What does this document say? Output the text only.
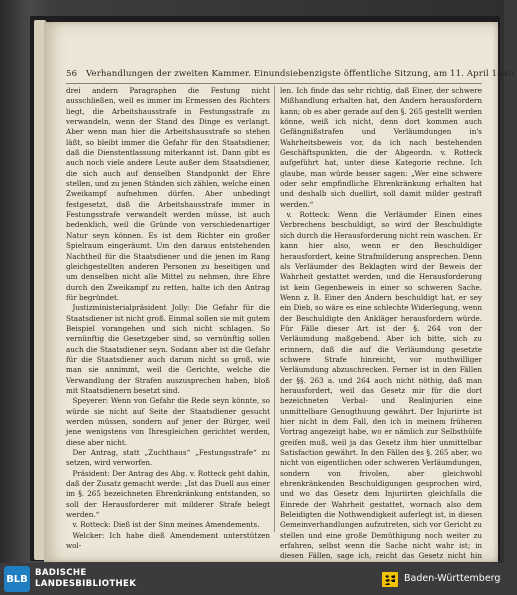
56 Verhandlungen der zweiten Kammer. Einundsiebenzigste öffentliche Sitzung, am 11. April 1840.

drei andern Paragraphen die Festung nicht ausschließen, weil es immer im Ermessen des Richters liegt, die Arbeitshausstrafe in Festungsstrafe zu verwandeln, wenn der Stand des Dinge es verlangt. Aber wenn man hier die Arbeitshausstrafe so stehen läßt, so bleibt immer die Gefahr für den Staatsdiener, daß die Dienstentlassung miterkannt ist. Dann gibt es auch noch viele andere Leute außer dem Staatsdiener, die sich auch auf denselben Standpunkt der Ehre stellen, und zu jenen Ständen sich zählen, welche einen Zweikampf aufnehmen dürfen. Aber unbedingt festgesetzt, daß die Arbeitshausstrafe immer in Festungsstrafe verwandelt werden müsse, ist auch bedenklich, weil die Gründe von verschiedenartiger Natur seyn können. Es ist dem Richter ein großer Spielraum eingeräumt. Um den daraus entstehenden Nachtheil für die Staatsdiener und die jenen im Rang gleichgestellten anderen Personen zu beseitigen und um denselben nicht alle Mittel zu nehmen, ihre Ehre durch den Zweikampf zu retten, halte ich den Antrag für begründet.

Justizministerialpräsident Jolly: Die Gefahr für die Staatsdiener ist nicht groß. Einmal sollen sie mit gutem Beispiel vorangehen und sich nicht schlagen. So vernünftig die Gesetzgeber sind, so vernünftig sollen auch die Staatsdiener seyn. Sodann aber ist die Gefahr für die Staatsdiener auch darum nicht so groß, wie man sie annimmt, weil die Gerichte, welche die Verwandlung der Strafen auszusprechen haben, bloß mit Staatsdienern besetzt sind.

Speyerer: Wenn von Gefahr die Rede seyn könnte, so würde sie nicht auf Seite der Staatsdiener gesucht werden müssen, sondern auf jener der Bürger, weil jene wenigstens von Ihresgleichen gerichtet werden, diese aber nicht.

Der Antrag, statt „Zuchthaus“ „Festungsstrafe“ zu setzen, wird verworfen.

Präsident: Der Antrag des Abg. v. Rotteck geht dahin, daß der Zusatz gemacht werde: „Ist das Duell aus einer im §. 265 bezeichneten Ehrenkränkung entstanden, so soll der Herausforderer mit milderer Strafe belegt werden.“

v. Rotteck: Dieß ist der Sinn meines Amendements.

Welcker: Ich habe dieß Amendement unterstützen wol-

len. Ich finde das sehr richtig, daß Einer, der schwere Mißhandlung erhalten hat, den Andern herausfordern kann; ob es aber gerade auf den §. 265 gestellt werden könne, weiß ich nicht, denn dort kommen auch Gefängnißstrafen und Verläumdungen in's Wahrheitsbeweis vor, da ich nach bestehenden Geschäftspunkten, die der Abgeordn. v. Rotteck aufgeführt hat, unter diese Kategorie rechne. Ich glaube, man würde besser sagen: „Wer eine schwere oder sehr empfindliche Ehrenkränkung erhalten hat und deshalb sich duellirt, soll damit milder gestraft werden.“

v. Rotteck: Wenn die Verläumder Einen eines Verbrechens beschuldigt, so wird der Beschuldigte sich durch die Herausforderung nicht rein waschen. Er kann hier also, wenn er den Beschuldiger herausfordert, keine Strafmilderung ansprechen. Denn als Verläumder des Beklagten wird der Beweis der Wahrheit gestattet werden, und die Herausforderung ist kein Gegenbeweis in einer so schweren Sache. Wenn z. B. Einer den Andern beschuldigt hat, er sey ein Dieb, so wäre es eine schlechte Widerlegung, wenn der Beschuldigte den Ankläger herausfordern würde. Für Fälle dieser Art ist der §. 264 von der Verläumdung maßgebend. Aber ich bitte, sich zu erinnern, daß die auf die Verläumdung gesetzte schwere Strafe hinreicht, vor muthwilliger Verläumdung abzuschrecken. Ferner ist in den Fällen der §§. 263 a. und 264 auch nicht nöthig, daß man herausfordert, weil das Gesetz mir für die dort bezeichneten Verbal- und Realinjurien eine unmittelbare Genugthuung gewährt. Der Injuriirte ist hier nicht in dem Fall, den ich in meinem früheren Vortrag angezeigt habe, wo er nämlich zur Selbsthülfe greifen muß, weil ja das Gesetz ihm hier unmittelbar Satisfaction gewährt. In den Fällen des §. 265 aber, wo nicht von eigentlichen oder schweren Verläumdungen, sondern von frivolen, aber gleichwohl ehrenkränkenden Beschuldigungen gesprochen wird, und wo das Gesetz dem Injuriirten gleichfalls die Einrede der Wahrheit gestattet, wornach also dem Beleidigten die Nothwendigkeit auferlegt ist, in diesen Gemeinverhandlungen aufzutreten, sich vor Gericht zu stellen und eine große Demüthigung noch weiter zu erfahren, selbst wenn die Sache nicht wahr ist; in diesen Fällen, sage ich, reicht das Gesetz nicht hin

BLB
BADISCHE
LANDESBIBLIOTHEK	Baden-Württemberg
